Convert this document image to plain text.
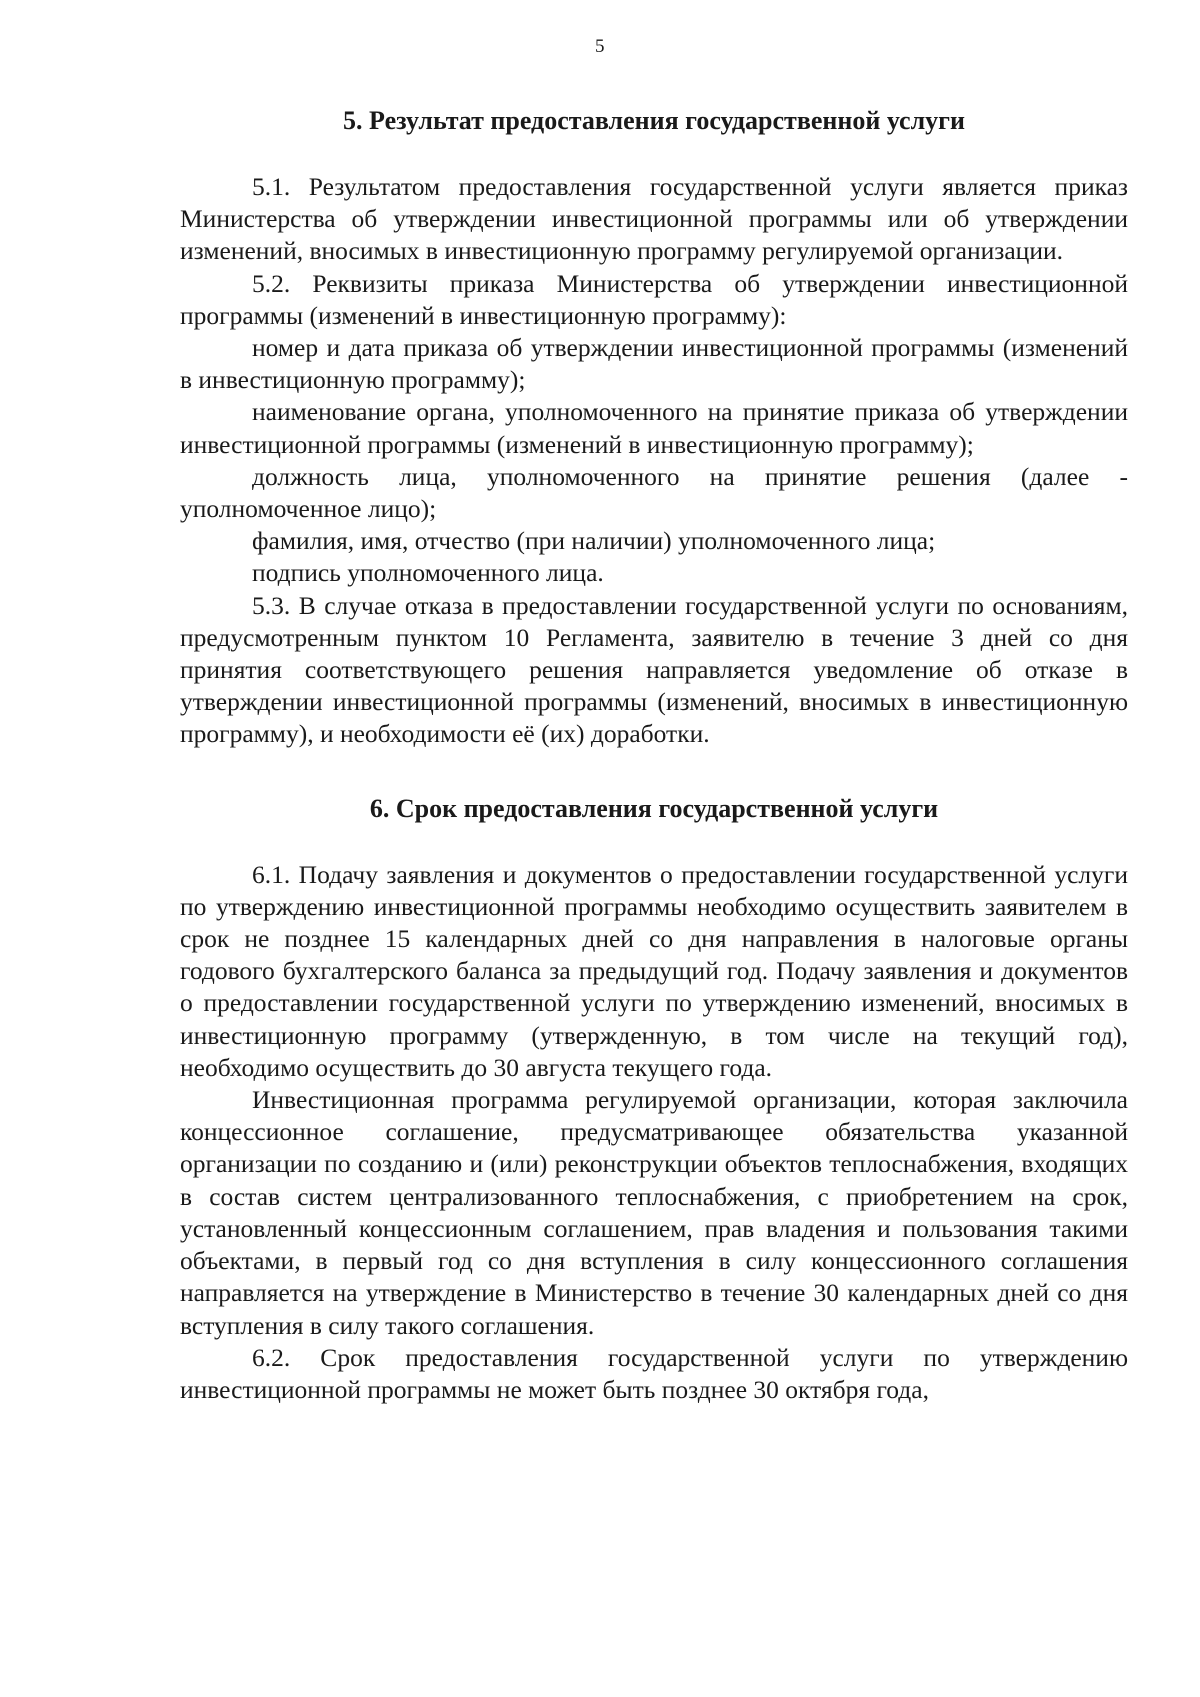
5
5. Результат предоставления государственной услуги

5.1. Результатом предоставления государственной услуги является приказ Министерства об утверждении инвестиционной программы или об утверждении изменений, вносимых в инвестиционную программу регулируемой организации.

5.2. Реквизиты приказа Министерства об утверждении инвестиционной программы (изменений в инвестиционную программу):

номер и дата приказа об утверждении инвестиционной программы (изменений в инвестиционную программу);

наименование органа, уполномоченного на принятие приказа об утверждении инвестиционной программы (изменений в инвестиционную программу);

должность лица, уполномоченного на принятие решения (далее - уполномоченное лицо);

фамилия, имя, отчество (при наличии) уполномоченного лица;

подпись уполномоченного лица.

5.3. В случае отказа в предоставлении государственной услуги по основаниям, предусмотренным пунктом 10 Регламента, заявителю в течение 3 дней со дня принятия соответствующего решения направляется уведомление об отказе в утверждении инвестиционной программы (изменений, вносимых в инвестиционную программу), и необходимости её (их) доработки.

6. Срок предоставления государственной услуги

6.1. Подачу заявления и документов о предоставлении государственной услуги по утверждению инвестиционной программы необходимо осуществить заявителем в срок не позднее 15 календарных дней со дня направления в налоговые органы годового бухгалтерского баланса за предыдущий год. Подачу заявления и документов о предоставлении государственной услуги по утверждению изменений, вносимых в инвестиционную программу (утвержденную, в том числе на текущий год), необходимо осуществить до 30 августа текущего года.

Инвестиционная программа регулируемой организации, которая заключила концессионное соглашение, предусматривающее обязательства указанной организации по созданию и (или) реконструкции объектов теплоснабжения, входящих в состав систем централизованного теплоснабжения, с приобретением на срок, установленный концессионным соглашением, прав владения и пользования такими объектами, в первый год со дня вступления в силу концессионного соглашения направляется на утверждение в Министерство в течение 30 календарных дней со дня вступления в силу такого соглашения.

6.2. Срок предоставления государственной услуги по утверждению инвестиционной программы не может быть позднее 30 октября года,
